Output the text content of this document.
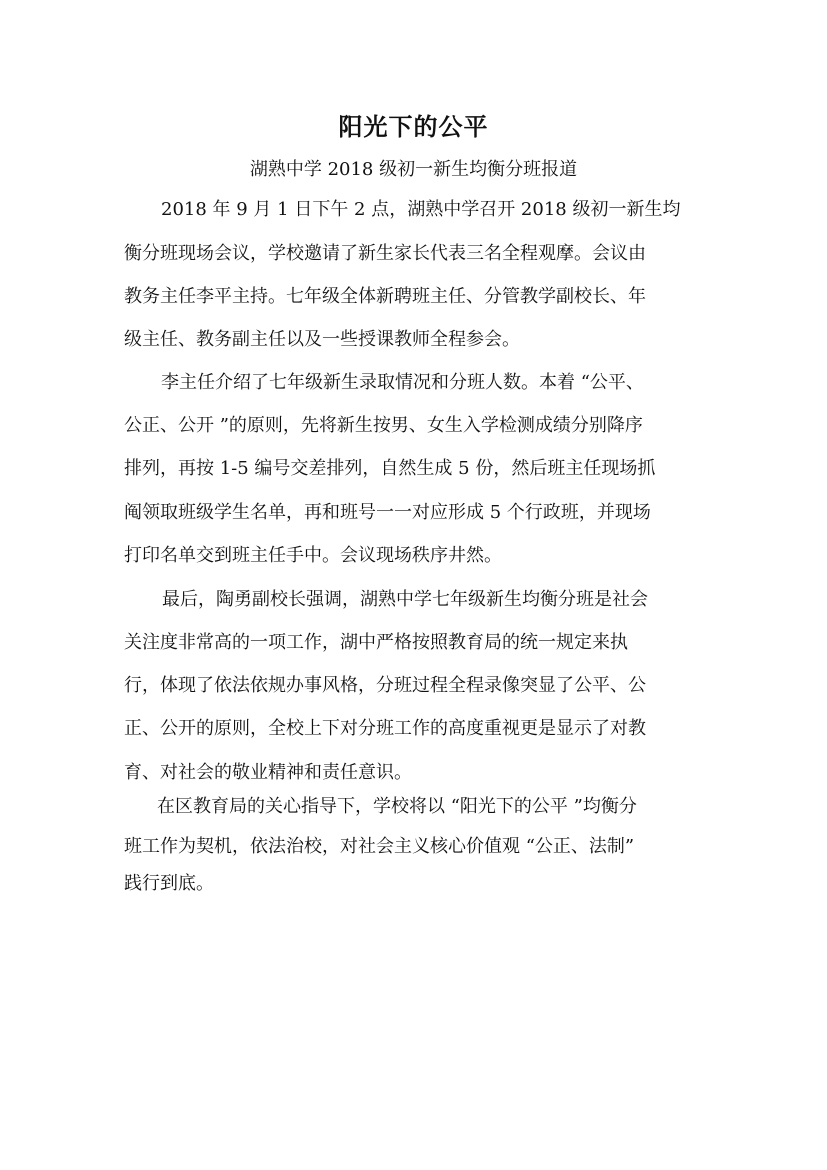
阳光下的公平
湖熟中学 2018 级初一新生均衡分班报道
2018 年 9 月 1 日下午 2 点，湖熟中学召开 2018 级初一新生均
衡分班现场会议，学校邀请了新生家长代表三名全程观摩。会议由
教务主任李平主持。七年级全体新聘班主任、分管教学副校长、年
级主任、教务副主任以及一些授课教师全程参会。
李主任介绍了七年级新生录取情况和分班人数。本着 “公平、
公正、公开 ”的原则，先将新生按男、女生入学检测成绩分别降序
排列，再按 1-5 编号交差排列，自然生成 5 份，然后班主任现场抓
阄领取班级学生名单，再和班号一一对应形成 5 个行政班，并现场
打印名单交到班主任手中。会议现场秩序井然。
最后，陶勇副校长强调，湖熟中学七年级新生均衡分班是社会
关注度非常高的一项工作，湖中严格按照教育局的统一规定来执
行，体现了依法依规办事风格，分班过程全程录像突显了公平、公
正、公开的原则，全校上下对分班工作的高度重视更是显示了对教
育、对社会的敬业精神和责任意识。
在区教育局的关心指导下，学校将以 “阳光下的公平 ”均衡分
班工作为契机，依法治校，对社会主义核心价值观 “公正、法制”
践行到底。
